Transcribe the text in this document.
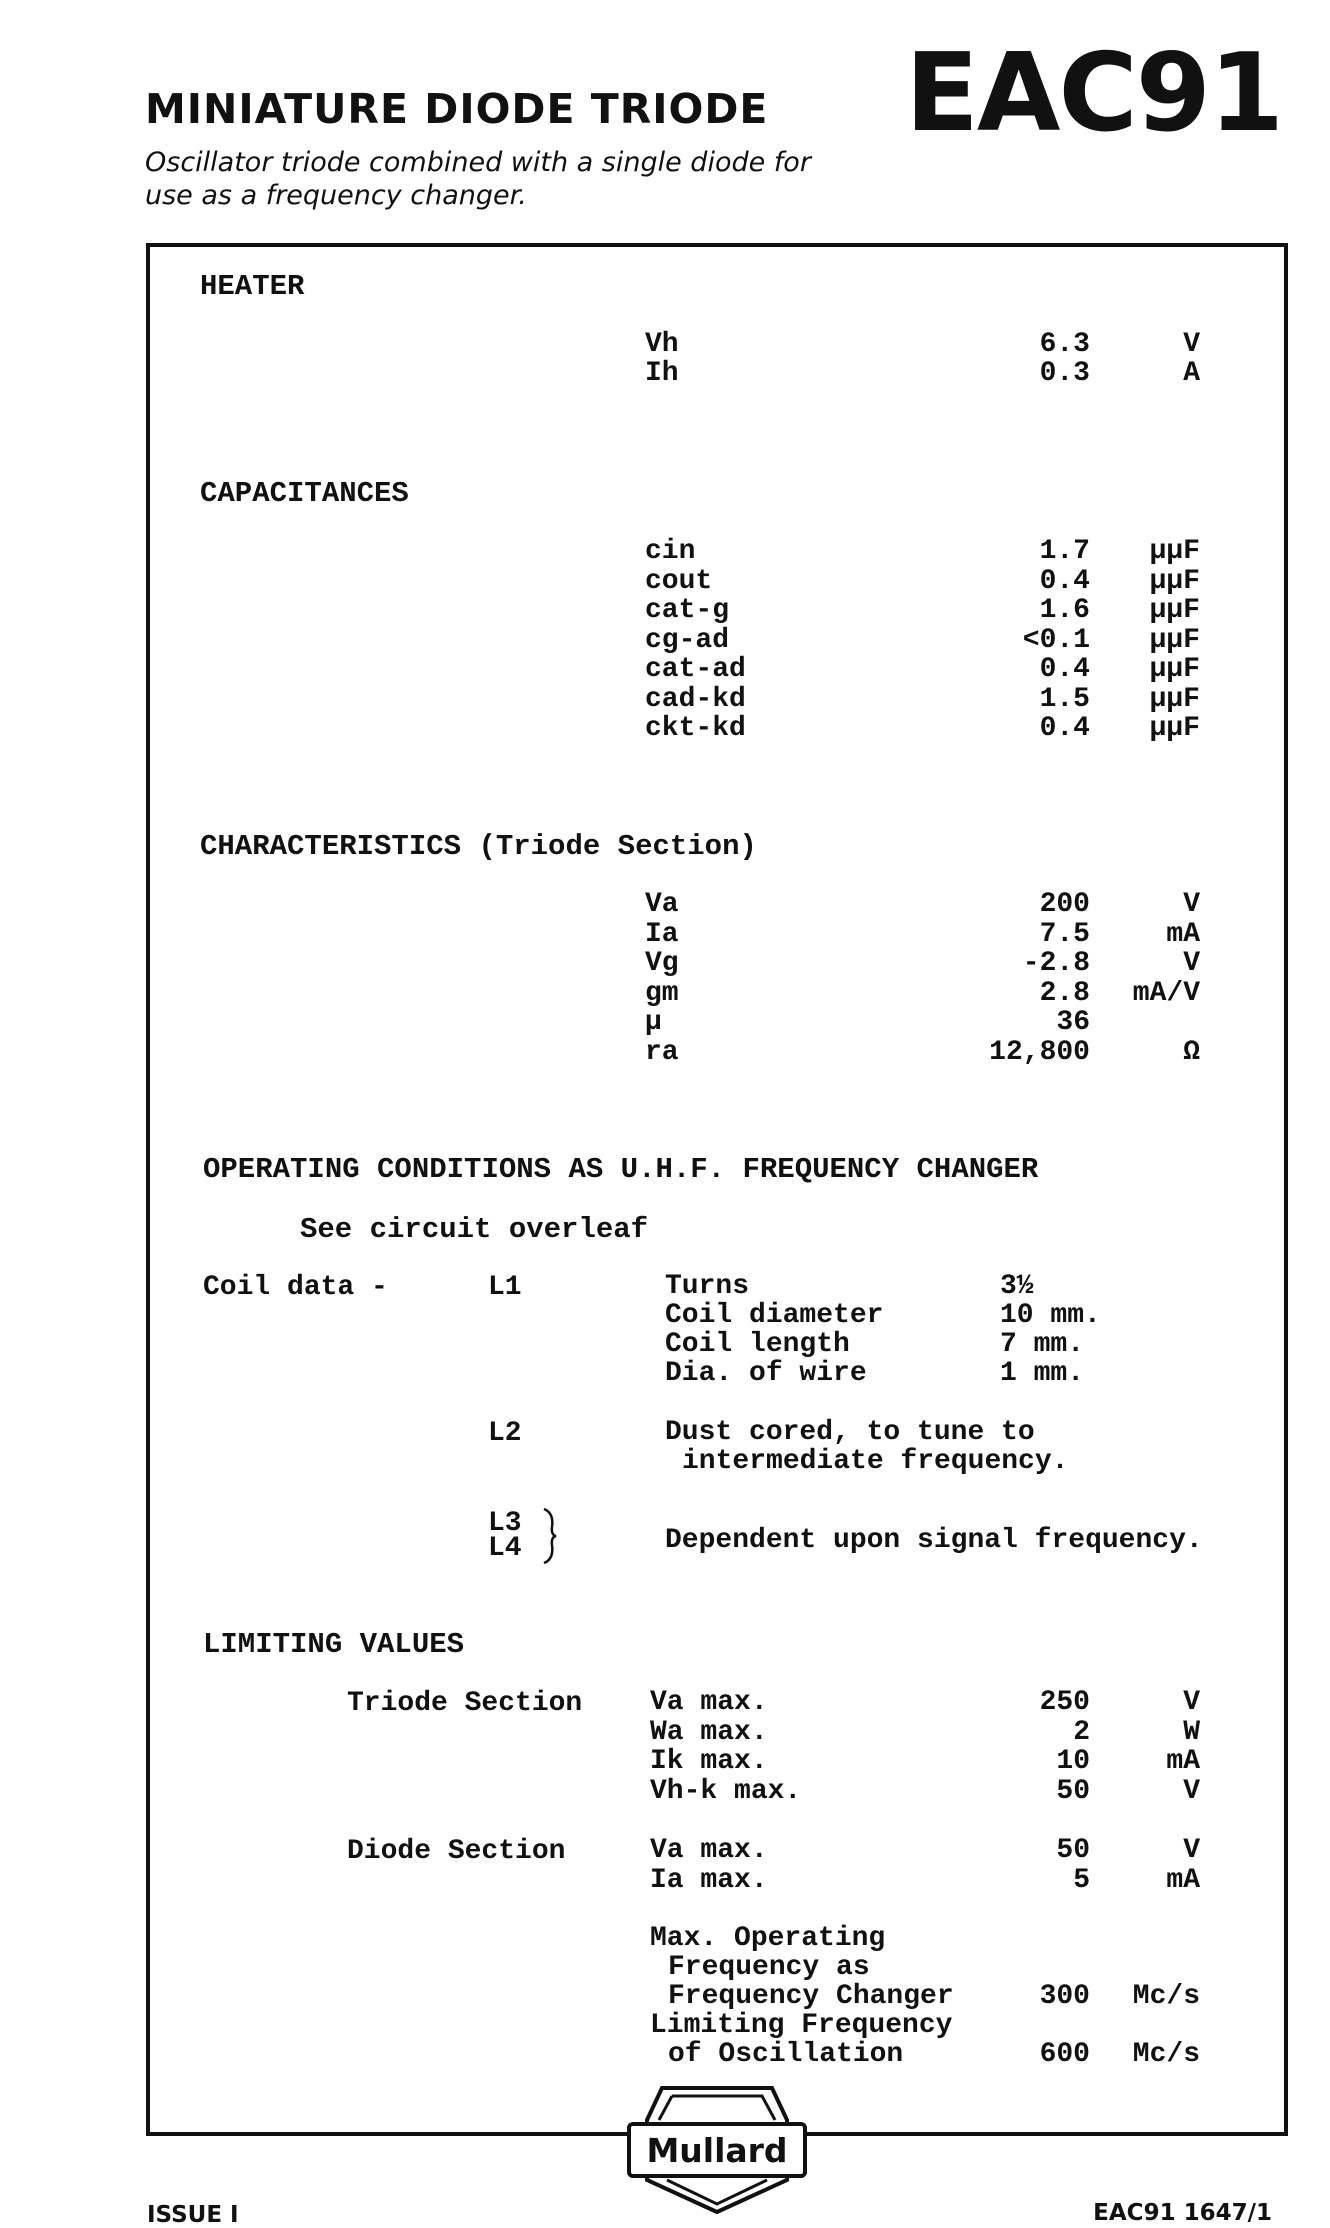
MINIATURE DIODE TRIODE
Oscillator triode combined with a single diode for use as a frequency changer.
EAC91
HEATER
Vh	6.3	V
Ih	0.3	A
CAPACITANCES
cin	1.7	µµF
cout	0.4	µµF
cat-g	1.6	µµF
cg-ad	<0.1	µµF
cat-ad	0.4	µµF
cad-kd	1.5	µµF
ckt-kd	0.4	µµF
CHARACTERISTICS (Triode Section)
Va	200	V
Ia	7.5	mA
Vg	-2.8	V
gm	2.8	mA/V
µ	36
ra	12,800	Ω
OPERATING CONDITIONS AS U.H.F. FREQUENCY CHANGER
See circuit overleaf
Coil data -	L1	Turns	3½
Coil diameter	10 mm.
Coil length	7 mm.
Dia. of wire	1 mm.
L2	Dust cored, to tune to
intermediate frequency.
L3
L4	Dependent upon signal frequency.
LIMITING VALUES
Triode Section Va max.	250	V
Wa max.	2	W
Ik max.	10	mA
Vh-k max.	50	V
Diode Section	Va max.	50	V
Ia max.	5	mA
Max. Operating
Frequency as
Frequency Changer	300	Mc/s
Limiting Frequency
of Oscillation	600	Mc/s
Mullard
ISSUE I	EAC91 1647/1
